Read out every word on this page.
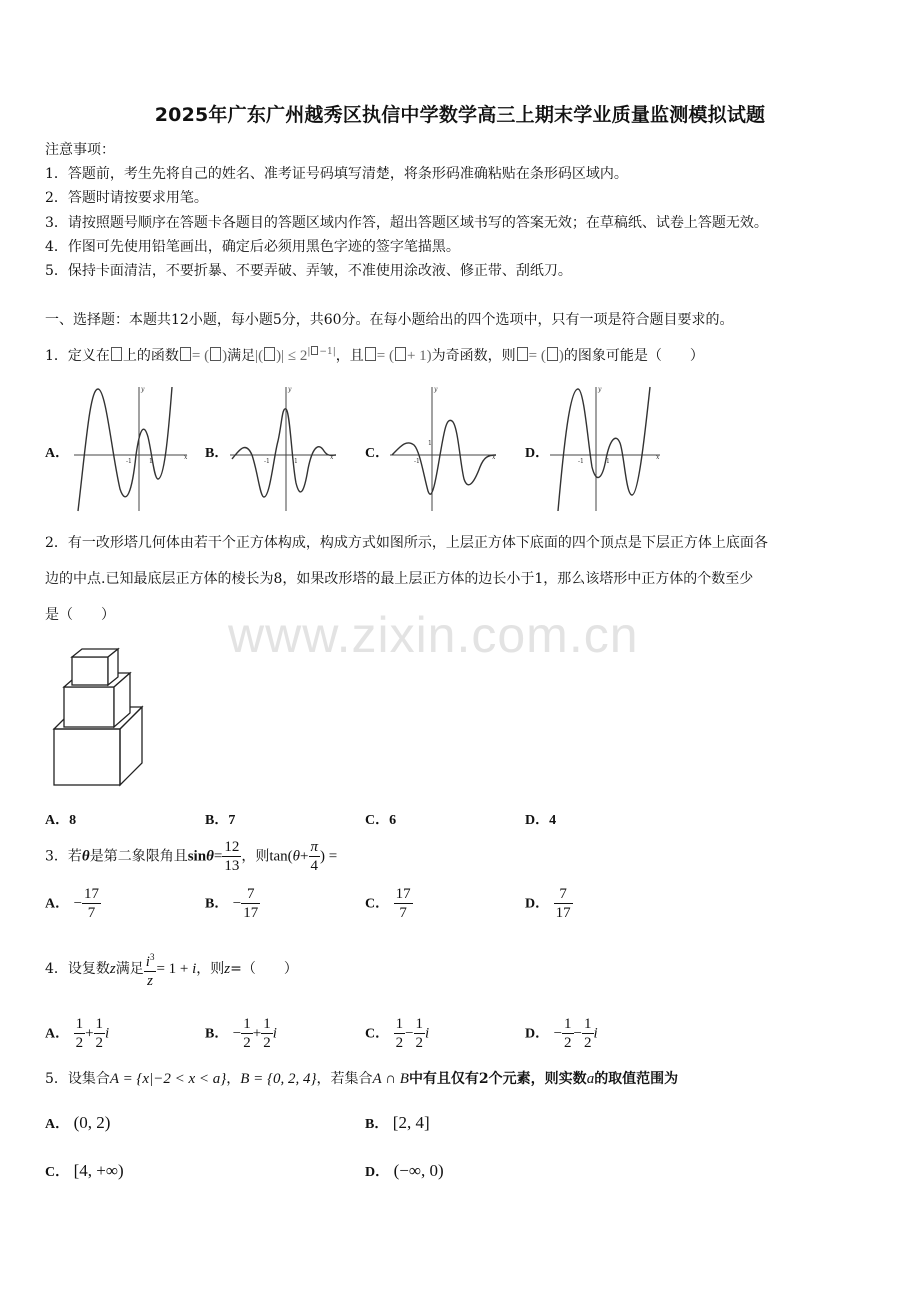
2025年广东广州越秀区执信中学数学高三上期末学业质量监测模拟试题
注意事项：
1．答题前，考生先将自己的姓名、准考证号码填写清楚，将条形码准确粘贴在条形码区域内。
2．答题时请按要求用笔。
3．请按照题号顺序在答题卡各题目的答题区域内作答，超出答题区域书写的答案无效；在草稿纸、试卷上答题无效。
4．作图可先使用铅笔画出，确定后必须用黑色字迹的签字笔描黑。
5．保持卡面清洁，不要折暴、不要弄破、弄皱，不准使用涂改液、修正带、刮纸刀。
一、选择题：本题共12小题，每小题5分，共60分。在每小题给出的四个选项中，只有一项是符合题目要求的。
1．定义在 上的函数 = ( )满足|( )| ≤ $2^{| -1|}$，且 = ( + 1)为奇函数，则 = ( )的图象可能是（　　）
A．	x
y
-1	1
B．	x
y
-1	1
C．	x
y
-1
1
D．	x
y
-1	1
2．有一改形塔几何体由若干个正方体构成，构成方式如图所示，上层正方体下底面的四个顶点是下层正方体上底面各
边的中点.已知最底层正方体的棱长为8，如果改形塔的最上层正方体的边长小于1，那么该塔形中正方体的个数至少
是（　　） www.zixin.com.cn
A．8	B．7	C．6	D．4
3．若θ是第二象限角且$\sin\theta= \frac{12}{13}$ ，则$\tan(\theta+ \frac{\pi}{4}$ ) =
A． − $\frac{17}{7}$	B． − $\frac{7}{17}$	C． $\frac{17}{7}$	D． $\frac{7}{17}$
4．设复数z满足 $\frac{i^3}{z} = 1 + i$，则z=（　　）
A． $\frac{1}{2} + \frac{1}{2}$ i	B． − $\frac{1}{2} + \frac{1}{2}$ i	C． $\frac{1}{2} - \frac{1}{2}$ i	D． − $\frac{1}{2} - \frac{1}{2}$ i
5．设集合A = {x|−2 < x < a}，B = {0, 2, 4}，若集合A ∩ B中有且仅有2个元素，则实数a的取值范围为
A． (0, 2)	B． [2, 4]
C． [4, +∞)	D． (−∞, 0)
